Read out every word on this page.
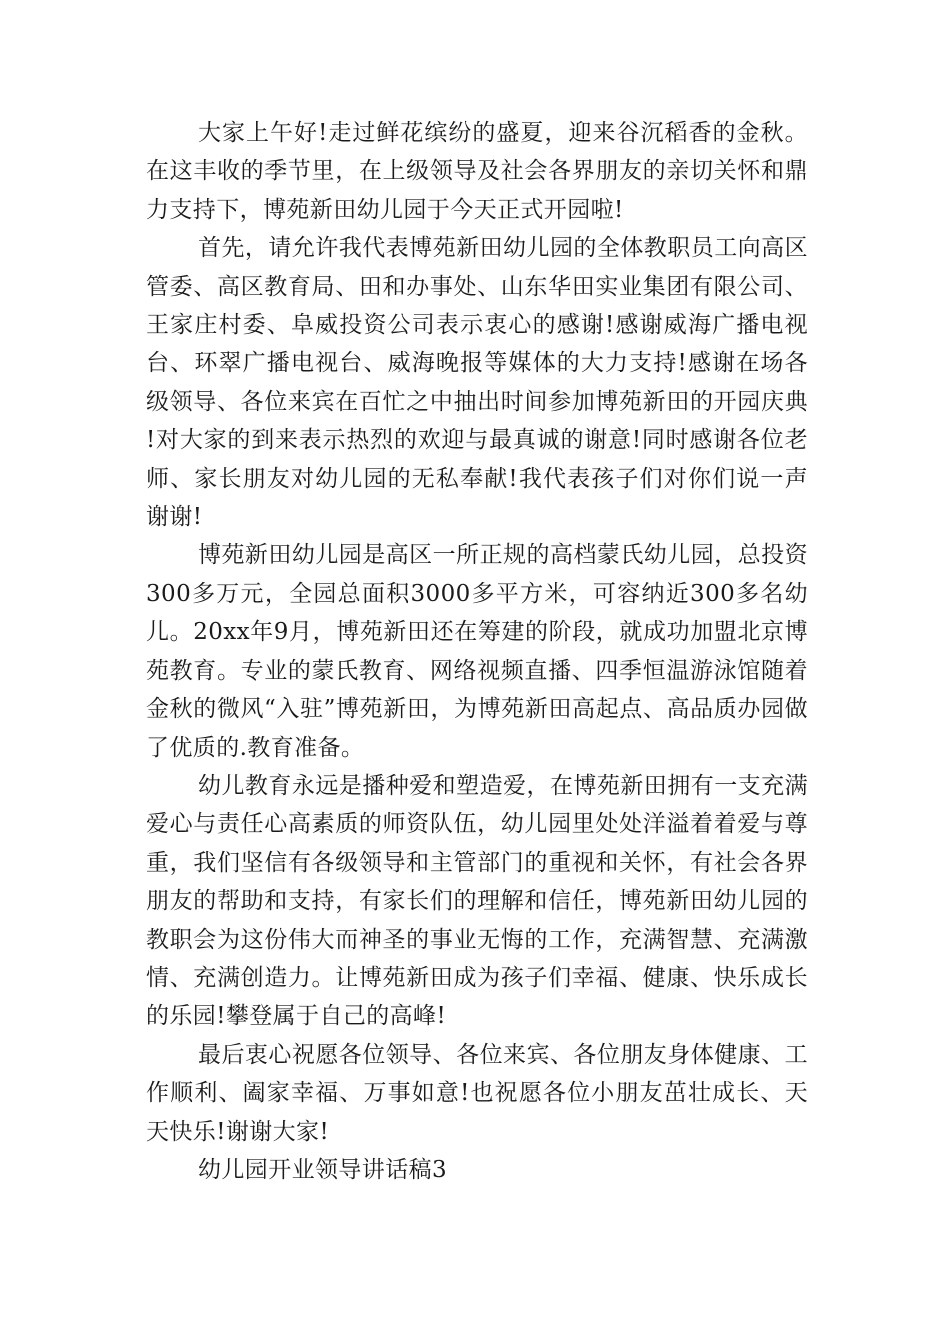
大家上午好!走过鲜花缤纷的盛夏，迎来谷沉稻香的金秋。在这丰收的季节里，在上级领导及社会各界朋友的亲切关怀和鼎力支持下，博苑新田幼儿园于今天正式开园啦!

首先，请允许我代表博苑新田幼儿园的全体教职员工向高区管委、高区教育局、田和办事处、山东华田实业集团有限公司、王家庄村委、阜威投资公司表示衷心的感谢!感谢威海广播电视台、环翠广播电视台、威海晚报等媒体的大力支持!感谢在场各级领导、各位来宾在百忙之中抽出时间参加博苑新田的开园庆典!对大家的到来表示热烈的欢迎与最真诚的谢意!同时感谢各位老师、家长朋友对幼儿园的无私奉献!我代表孩子们对你们说一声谢谢!

博苑新田幼儿园是高区一所正规的高档蒙氏幼儿园，总投资300多万元，全园总面积3000多平方米，可容纳近300多名幼儿。20xx年9月，博苑新田还在筹建的阶段，就成功加盟北京博苑教育。专业的蒙氏教育、网络视频直播、四季恒温游泳馆随着金秋的微风“入驻”博苑新田，为博苑新田高起点、高品质办园做了优质的.教育准备。

幼儿教育永远是播种爱和塑造爱，在博苑新田拥有一支充满爱心与责任心高素质的师资队伍，幼儿园里处处洋溢着着爱与尊重，我们坚信有各级领导和主管部门的重视和关怀，有社会各界朋友的帮助和支持，有家长们的理解和信任，博苑新田幼儿园的教职会为这份伟大而神圣的事业无悔的工作，充满智慧、充满激情、充满创造力。让博苑新田成为孩子们幸福、健康、快乐成长的乐园!攀登属于自己的高峰!

最后衷心祝愿各位领导、各位来宾、各位朋友身体健康、工作顺利、阖家幸福、万事如意!也祝愿各位小朋友茁壮成长、天天快乐!谢谢大家!

幼儿园开业领导讲话稿3
